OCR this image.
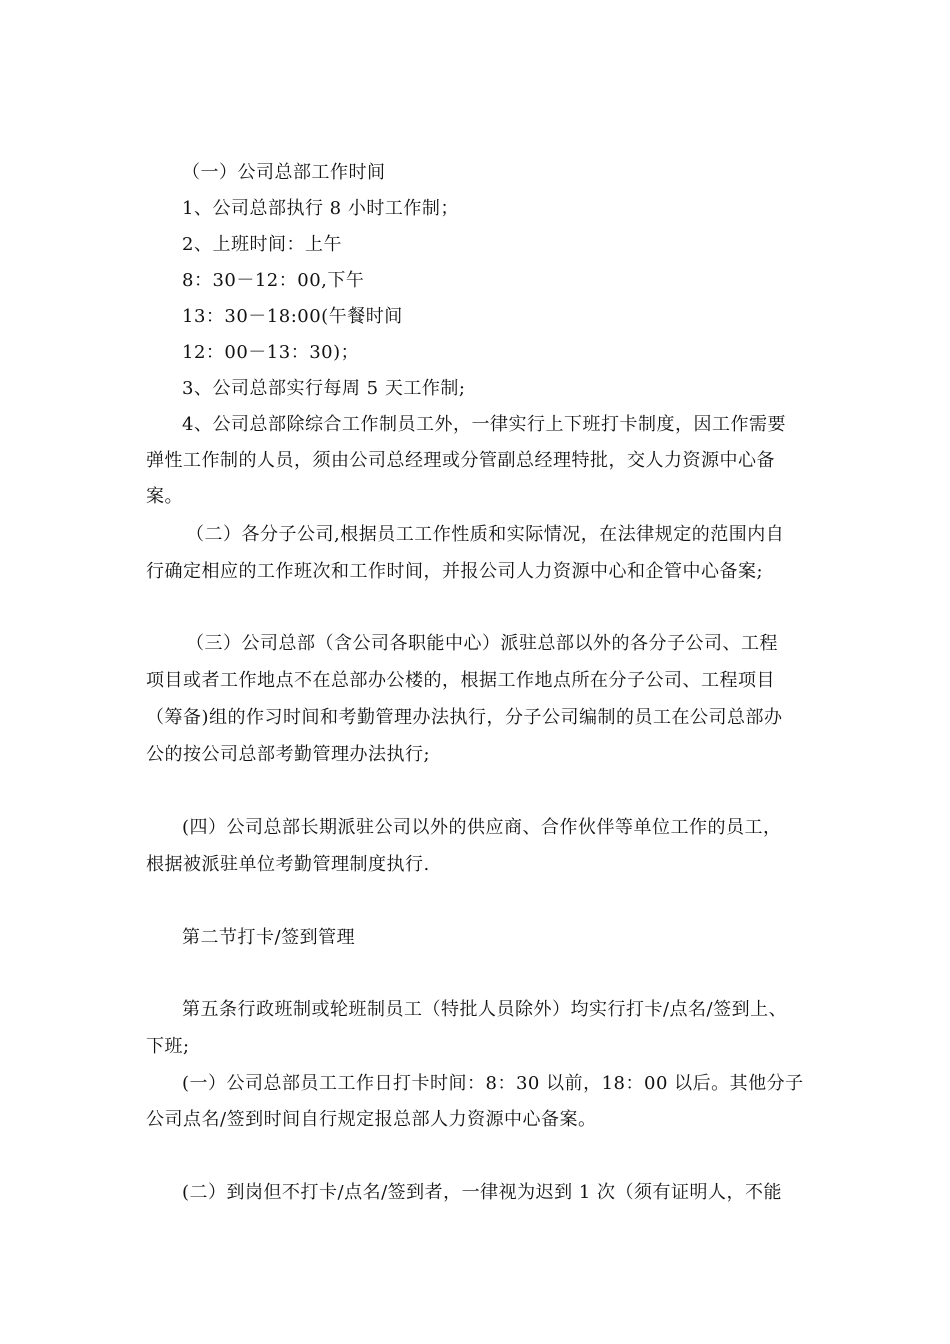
（一）公司总部工作时间
1、公司总部执行 8 小时工作制；
2、上班时间：上午
8：30－12：00,下午
13：30－18:00(午餐时间
12：00－13：30)；
3、公司总部实行每周 5 天工作制;
4、公司总部除综合工作制员工外，一律实行上下班打卡制度，因工作需要
弹性工作制的人员，须由公司总经理或分管副总经理特批，交人力资源中心备
案。
（二）各分子公司,根据员工工作性质和实际情况，在法律规定的范围内自
行确定相应的工作班次和工作时间，并报公司人力资源中心和企管中心备案;
（三）公司总部（含公司各职能中心）派驻总部以外的各分子公司、工程
项目或者工作地点不在总部办公楼的，根据工作地点所在分子公司、工程项目
（筹备)组的作习时间和考勤管理办法执行，分子公司编制的员工在公司总部办
公的按公司总部考勤管理办法执行;
(四）公司总部长期派驻公司以外的供应商、合作伙伴等单位工作的员工，
根据被派驻单位考勤管理制度执行.
第二节打卡/签到管理
第五条行政班制或轮班制员工（特批人员除外）均实行打卡/点名/签到上、
下班;
(一）公司总部员工工作日打卡时间：8：30 以前，18：00 以后。其他分子
公司点名/签到时间自行规定报总部人力资源中心备案。
(二）到岗但不打卡/点名/签到者，一律视为迟到 1 次（须有证明人，不能
